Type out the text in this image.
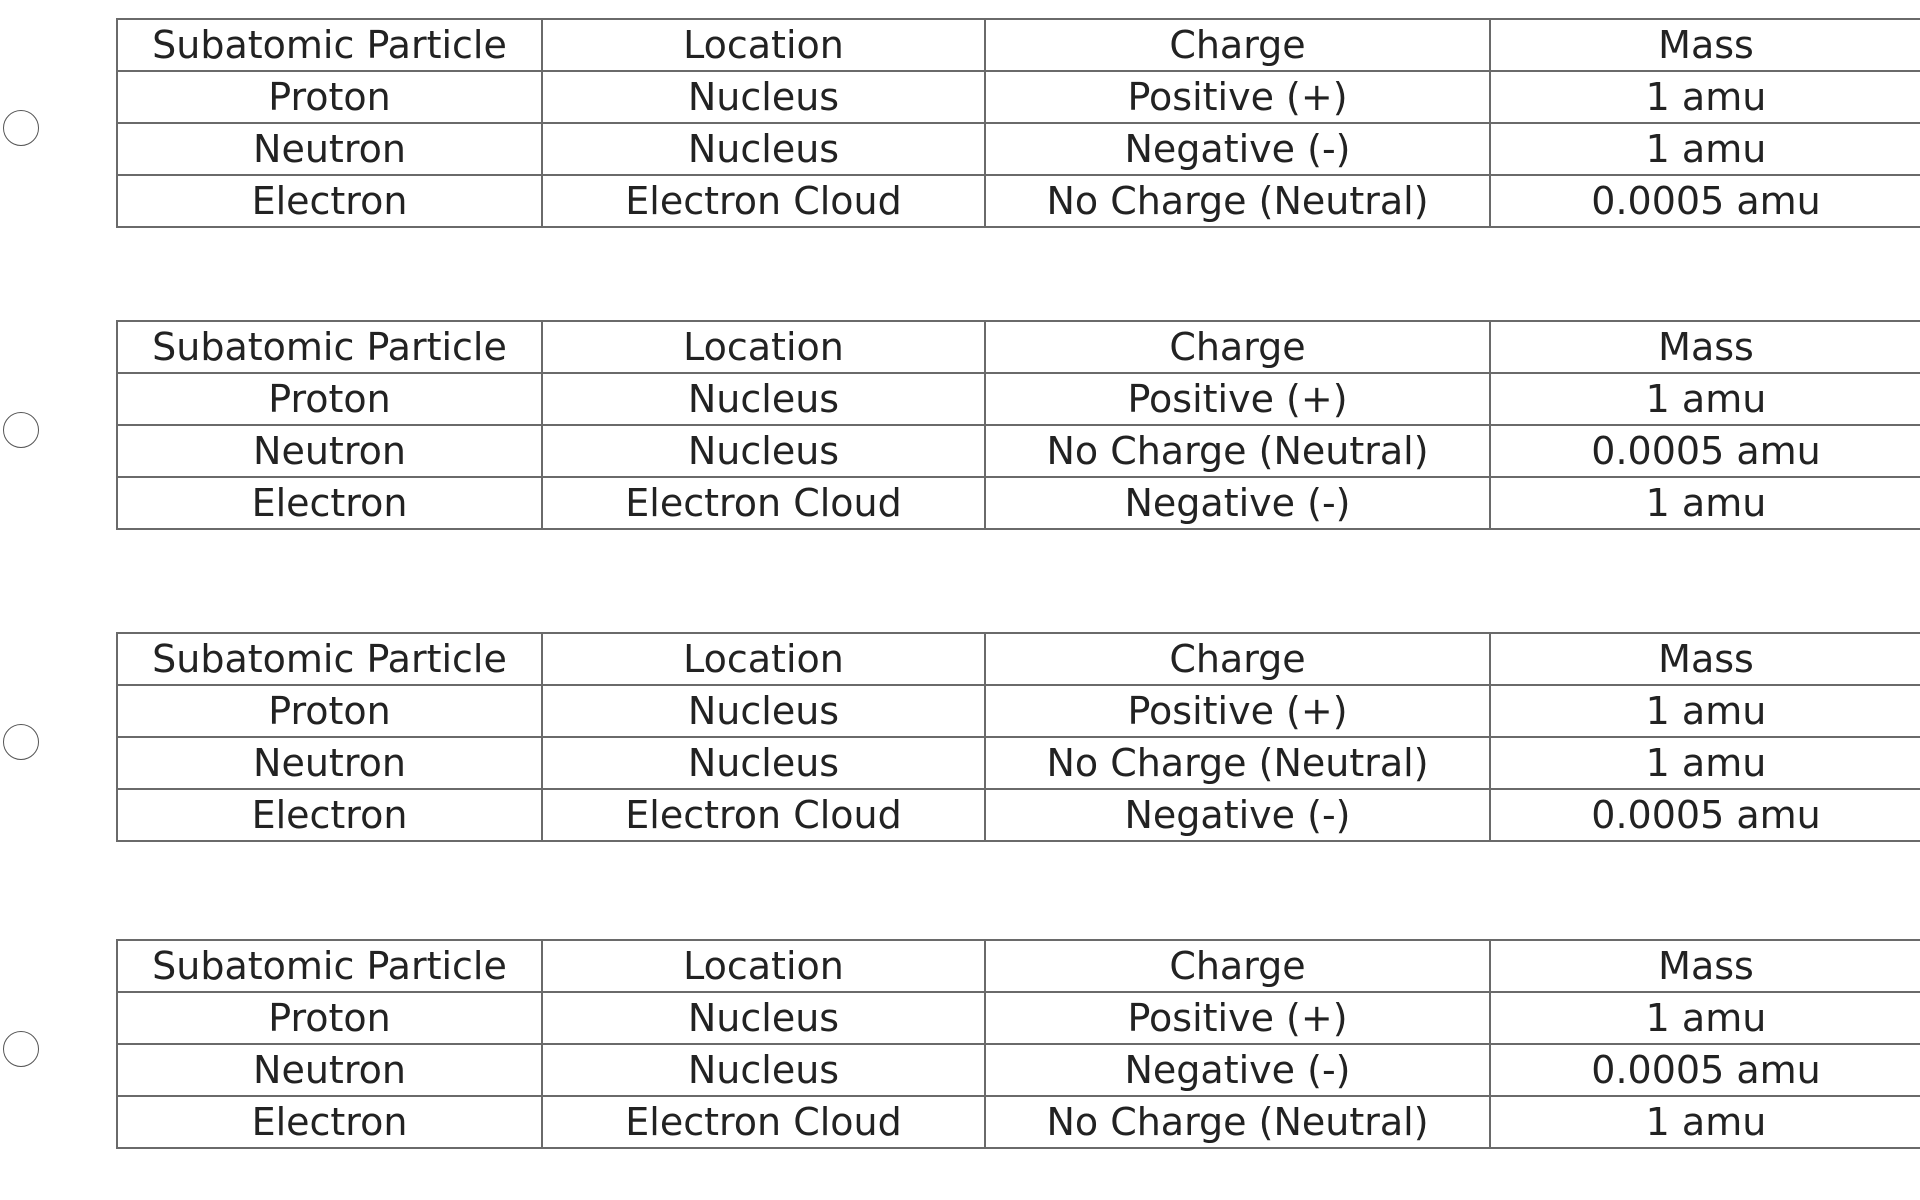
Subatomic Particle	Location	Charge	Mass
Proton	Nucleus	Positive (+)	1 amu
Neutron	Nucleus	Negative (-)	1 amu
Electron	Electron Cloud	No Charge (Neutral)	0.0005 amu
Subatomic Particle	Location	Charge	Mass
Proton	Nucleus	Positive (+)	1 amu
Neutron	Nucleus	No Charge (Neutral)	0.0005 amu
Electron	Electron Cloud	Negative (-)	1 amu
Subatomic Particle	Location	Charge	Mass
Proton	Nucleus	Positive (+)	1 amu
Neutron	Nucleus	No Charge (Neutral)	1 amu
Electron	Electron Cloud	Negative (-)	0.0005 amu
Subatomic Particle	Location	Charge	Mass
Proton	Nucleus	Positive (+)	1 amu
Neutron	Nucleus	Negative (-)	0.0005 amu
Electron	Electron Cloud	No Charge (Neutral)	1 amu
